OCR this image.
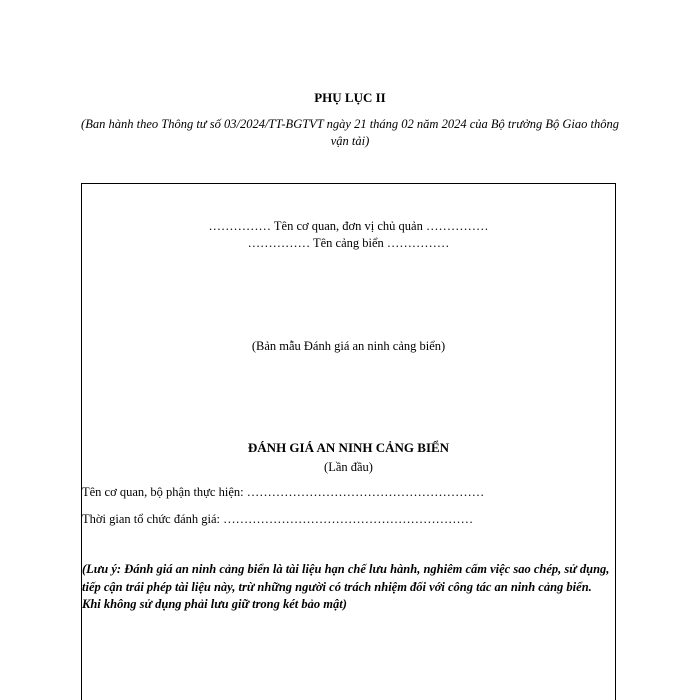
PHỤ LỤC II
(Ban hành theo Thông tư số 03/2024/TT-BGTVT ngày 21 tháng 02 năm 2024 của Bộ trưởng Bộ Giao thông vận tải)
…………… Tên cơ quan, đơn vị chủ quản ……………
…………… Tên cảng biển ……………
(Bản mẫu Đánh giá an ninh cảng biển)
ĐÁNH GIÁ AN NINH CẢNG BIỂN
(Lần đầu)
Tên cơ quan, bộ phận thực hiện: …………………………………………………
Thời gian tổ chức đánh giá: ……………………………………………………
(Lưu ý: Đánh giá an ninh cảng biển là tài liệu hạn chế lưu hành, nghiêm cấm việc sao chép, sử dụng, tiếp cận trái phép tài liệu này, trừ những người có trách nhiệm đối với công tác an ninh cảng biển. Khi không sử dụng phải lưu giữ trong két bảo mật)
